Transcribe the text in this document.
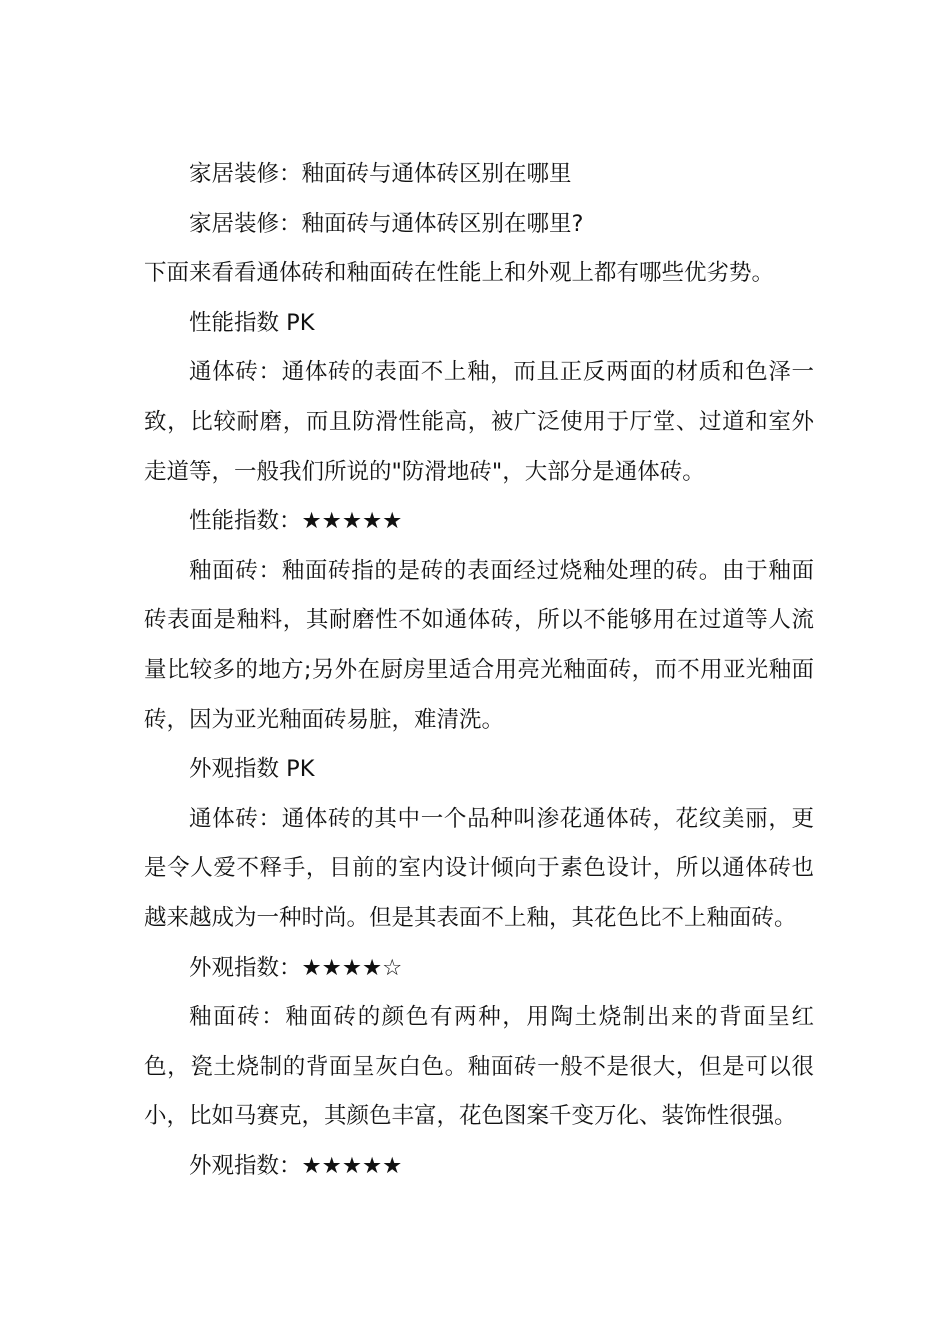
家居装修：釉面砖与通体砖区别在哪里

家居装修：釉面砖与通体砖区别在哪里?

下面来看看通体砖和釉面砖在性能上和外观上都有哪些优劣势。

性能指数 PK

通体砖：通体砖的表面不上釉，而且正反两面的材质和色泽一致，比较耐磨，而且防滑性能高，被广泛使用于厅堂、过道和室外走道等，一般我们所说的"防滑地砖"，大部分是通体砖。

性能指数：★★★★★

釉面砖：釉面砖指的是砖的表面经过烧釉处理的砖。由于釉面砖表面是釉料，其耐磨性不如通体砖，所以不能够用在过道等人流量比较多的地方;另外在厨房里适合用亮光釉面砖，而不用亚光釉面砖，因为亚光釉面砖易脏，难清洗。

外观指数 PK

通体砖：通体砖的其中一个品种叫渗花通体砖，花纹美丽，更是令人爱不释手，目前的室内设计倾向于素色设计，所以通体砖也越来越成为一种时尚。但是其表面不上釉，其花色比不上釉面砖。

外观指数：★★★★☆

釉面砖：釉面砖的颜色有两种，用陶土烧制出来的背面呈红色，瓷土烧制的背面呈灰白色。釉面砖一般不是很大，但是可以很小，比如马赛克，其颜色丰富，花色图案千变万化、装饰性很强。

外观指数：★★★★★
